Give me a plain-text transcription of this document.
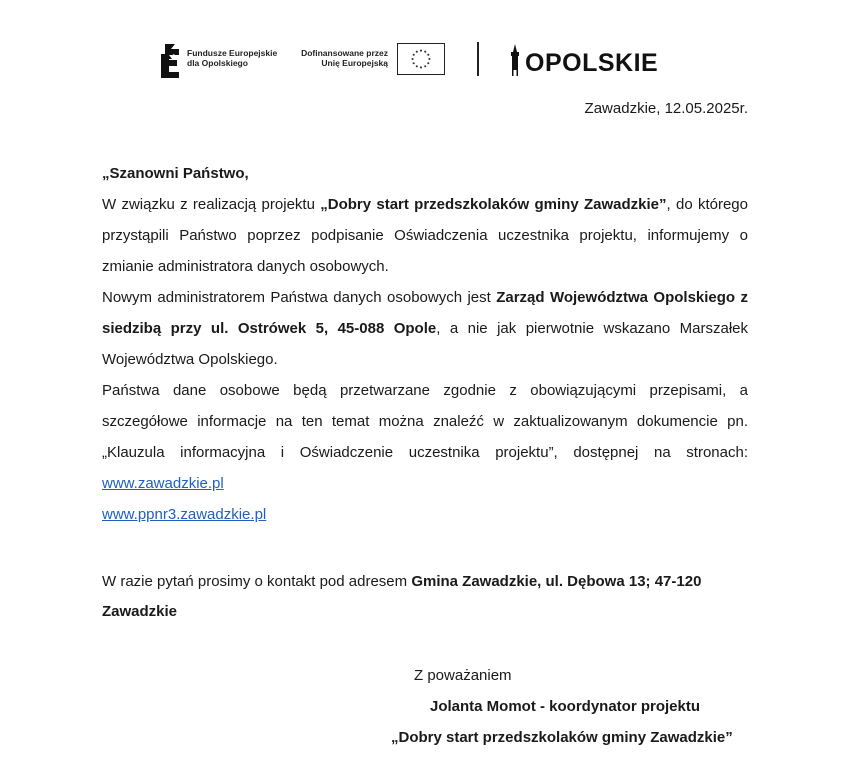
Fundusze Europejskie
dla Opolskiego
Dofinansowane przez
Unię Europejską	OPOLSKIE
Zawadzkie, 12.05.2025r.

„Szanowni Państwo,

W związku z realizacją projektu „Dobry start przedszkolaków gminy Zawadzkie”, do którego przystąpili Państwo poprzez podpisanie Oświadczenia uczestnika projektu, informujemy o zmianie administratora danych osobowych.

Nowym administratorem Państwa danych osobowych jest Zarząd Województwa Opolskiego z siedzibą przy ul. Ostrówek 5, 45-088 Opole, a nie jak pierwotnie wskazano Marszałek Województwa Opolskiego.

Państwa dane osobowe będą przetwarzane zgodnie z obowiązującymi przepisami, a szczegółowe informacje na ten temat można znaleźć w zaktualizowanym dokumencie pn. „Klauzula informacyjna i Oświadczenie uczestnika projektu”, dostępnej na stronach:

www.zawadzkie.pl

www.ppnr3.zawadzkie.pl

W razie pytań prosimy o kontakt pod adresem Gmina Zawadzkie, ul. Dębowa 13; 47-120 Zawadzkie
Z poważaniem
Jolanta Momot - koordynator projektu
„Dobry start przedszkolaków gminy Zawadzkie”
